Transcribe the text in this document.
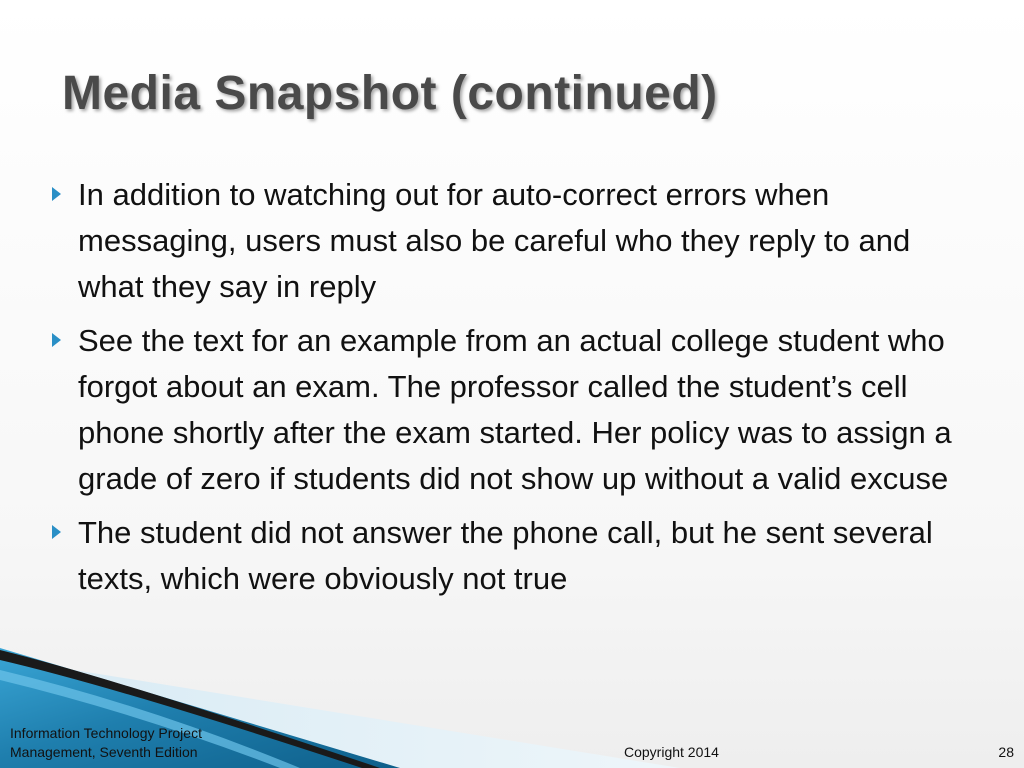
Media Snapshot (continued)
In addition to watching out for auto-correct errors when messaging, users must also be careful who they reply to and what they say in reply
See the text for an example from an actual college student who forgot about an exam. The professor called the student’s cell phone shortly after the exam started. Her policy was to assign a grade of zero if students did not show up without a valid excuse
The student did not answer the phone call, but he sent several texts, which were obviously not true
Information Technology Project
Management, Seventh Edition	Copyright 2014	28
